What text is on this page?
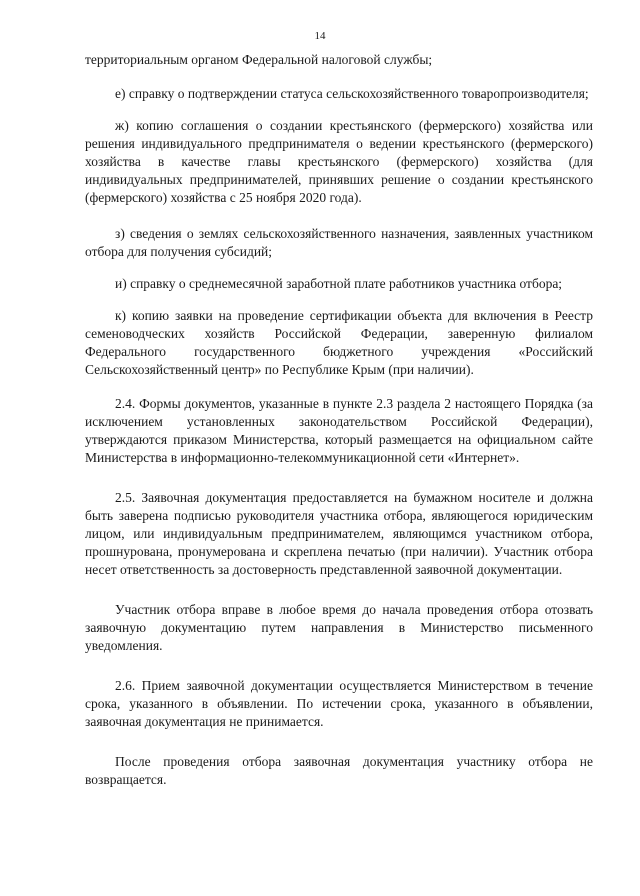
14

территориальным органом Федеральной налоговой службы;

е) справку о подтверждении статуса сельскохозяйственного товаропроизводителя;

ж) копию соглашения о создании крестьянского (фермерского) хозяйства или решения индивидуального предпринимателя о ведении крестьянского (фермерского) хозяйства в качестве главы крестьянского (фермерского) хозяйства (для индивидуальных предпринимателей, принявших решение о создании крестьянского (фермерского) хозяйства с 25 ноября 2020 года).

з) сведения о землях сельскохозяйственного назначения, заявленных участником отбора для получения субсидий;

и) справку о среднемесячной заработной плате работников участника отбора;

к) копию заявки на проведение сертификации объекта для включения в Реестр семеноводческих хозяйств Российской Федерации, заверенную филиалом Федерального государственного бюджетного учреждения «Российский Сельскохозяйственный центр» по Республике Крым (при наличии).

2.4. Формы документов, указанные в пункте 2.3 раздела 2 настоящего Порядка (за исключением установленных законодательством Российской Федерации), утверждаются приказом Министерства, который размещается на официальном сайте Министерства в информационно-телекоммуникационной сети «Интернет».

2.5. Заявочная документация предоставляется на бумажном носителе и должна быть заверена подписью руководителя участника отбора, являющегося юридическим лицом, или индивидуальным предпринимателем, являющимся участником отбора, прошнурована, пронумерована и скреплена печатью (при наличии). Участник отбора несет ответственность за достоверность представленной заявочной документации.

Участник отбора вправе в любое время до начала проведения отбора отозвать заявочную документацию путем направления в Министерство письменного уведомления.

2.6. Прием заявочной документации осуществляется Министерством в течение срока, указанного в объявлении. По истечении срока, указанного в объявлении, заявочная документация не принимается.

После проведения отбора заявочная документация участнику отбора не возвращается.
